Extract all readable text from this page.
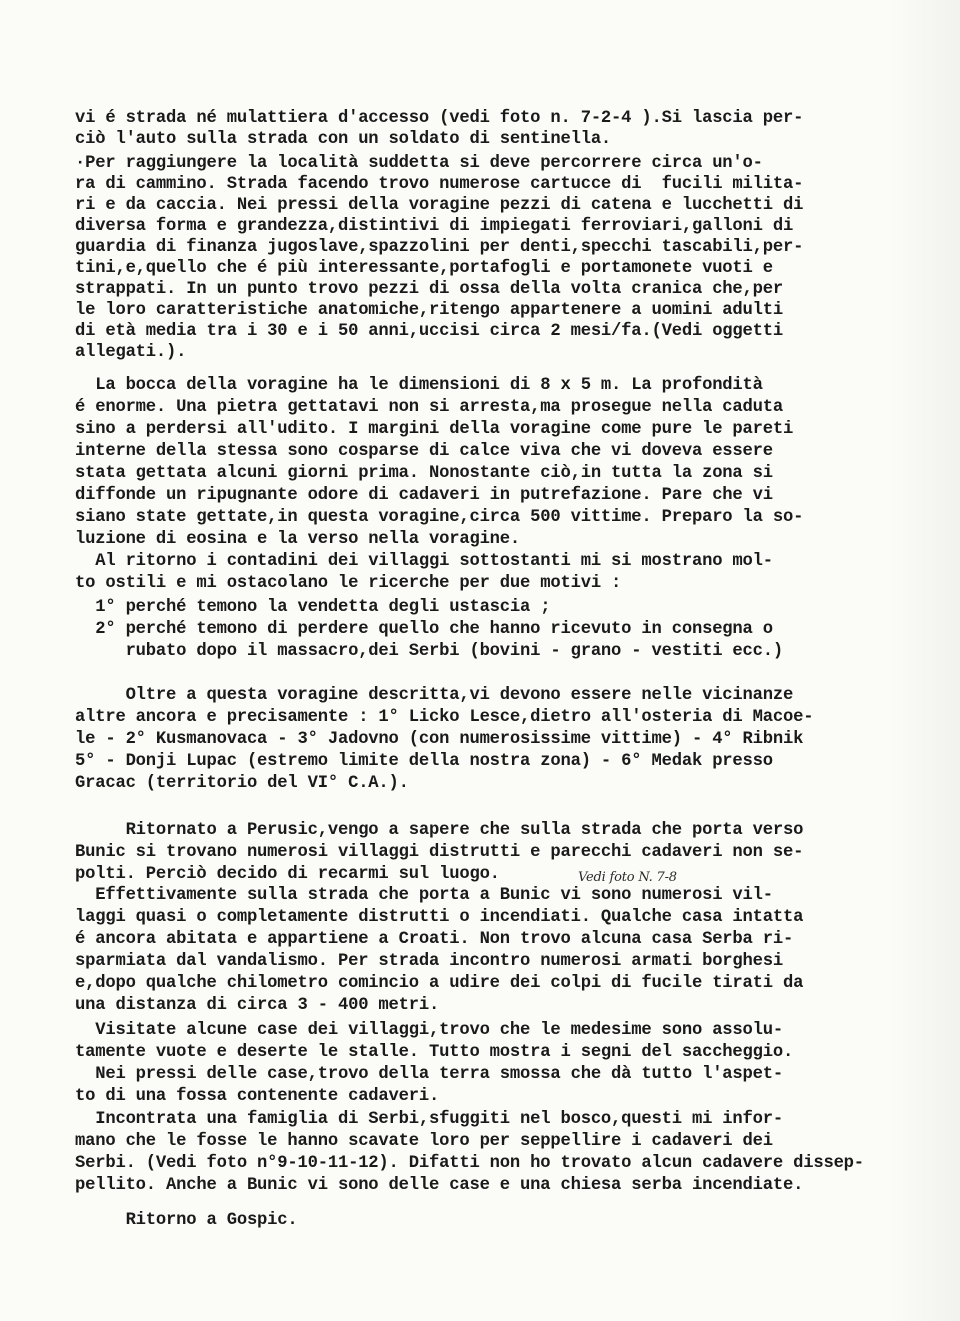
vi é strada né mulattiera d'accesso (vedi foto n. 7-2-4 ).Si lascia per-
ciò l'auto sulla strada con un soldato di sentinella.
·Per raggiungere la località suddetta si deve percorrere circa un'o-
ra di cammino. Strada facendo trovo numerose cartucce di  fucili milita-
ri e da caccia. Nei pressi della voragine pezzi di catena e lucchetti di
diversa forma e grandezza,distintivi di impiegati ferroviari,galloni di
guardia di finanza jugoslave,spazzolini per denti,specchi tascabili,per-
tini,e,quello che é più interessante,portafogli e portamonete vuoti e
strappati. In un punto trovo pezzi di ossa della volta cranica che,per
le loro caratteristiche anatomiche,ritengo appartenere a uomini adulti
di età media tra i 30 e i 50 anni,uccisi circa 2 mesi/fa.(Vedi oggetti
allegati.).
La bocca della voragine ha le dimensioni di 8 x 5 m. La profondità
é enorme. Una pietra gettatavi non si arresta,ma prosegue nella caduta
sino a perdersi all'udito. I margini della voragine come pure le pareti
interne della stessa sono cosparse di calce viva che vi doveva essere
stata gettata alcuni giorni prima. Nonostante ciò,in tutta la zona si
diffonde un ripugnante odore di cadaveri in putrefazione. Pare che vi
siano state gettate,in questa voragine,circa 500 vittime. Preparo la so-
luzione di eosina e la verso nella voragine.
Al ritorno i contadini dei villaggi sottostanti mi si mostrano mol-
to ostili e mi ostacolano le ricerche per due motivi :
1° perché temono la vendetta degli ustascia ;
2° perché temono di perdere quello che hanno ricevuto in consegna o
rubato dopo il massacro,dei Serbi (bovini - grano - vestiti ecc.)
Oltre a questa voragine descritta,vi devono essere nelle vicinanze
altre ancora e precisamente : 1° Licko Lesce,dietro all'osteria di Macoe-
le - 2° Kusmanovaca - 3° Jadovno (con numerosissime vittime) - 4° Ribnik
5° - Donji Lupac (estremo limite della nostra zona) - 6° Medak presso
Gracac (territorio del VI° C.A.).
Ritornato a Perusic,vengo a sapere che sulla strada che porta verso
Bunic si trovano numerosi villaggi distrutti e parecchi cadaveri non se-
polti. Perciò decido di recarmi sul luogo.
Effettivamente sulla strada che porta a Bunic vi sono numerosi vil-
laggi quasi o completamente distrutti o incendiati. Qualche casa intatta
é ancora abitata e appartiene a Croati. Non trovo alcuna casa Serba ri-
sparmiata dal vandalismo. Per strada incontro numerosi armati borghesi
e,dopo qualche chilometro comincio a udire dei colpi di fucile tirati da
una distanza di circa 3 - 400 metri.
Visitate alcune case dei villaggi,trovo che le medesime sono assolu-
tamente vuote e deserte le stalle. Tutto mostra i segni del saccheggio.
Nei pressi delle case,trovo della terra smossa che dà tutto l'aspet-
to di una fossa contenente cadaveri.
Incontrata una famiglia di Serbi,sfuggiti nel bosco,questi mi infor-
mano che le fosse le hanno scavate loro per seppellire i cadaveri dei
Serbi. (Vedi foto n°9-10-11-12). Difatti non ho trovato alcun cadavere dissep-
pellito. Anche a Bunic vi sono delle case e una chiesa serba incendiate.
Ritorno a Gospic.
Vedi foto N. 7-8
